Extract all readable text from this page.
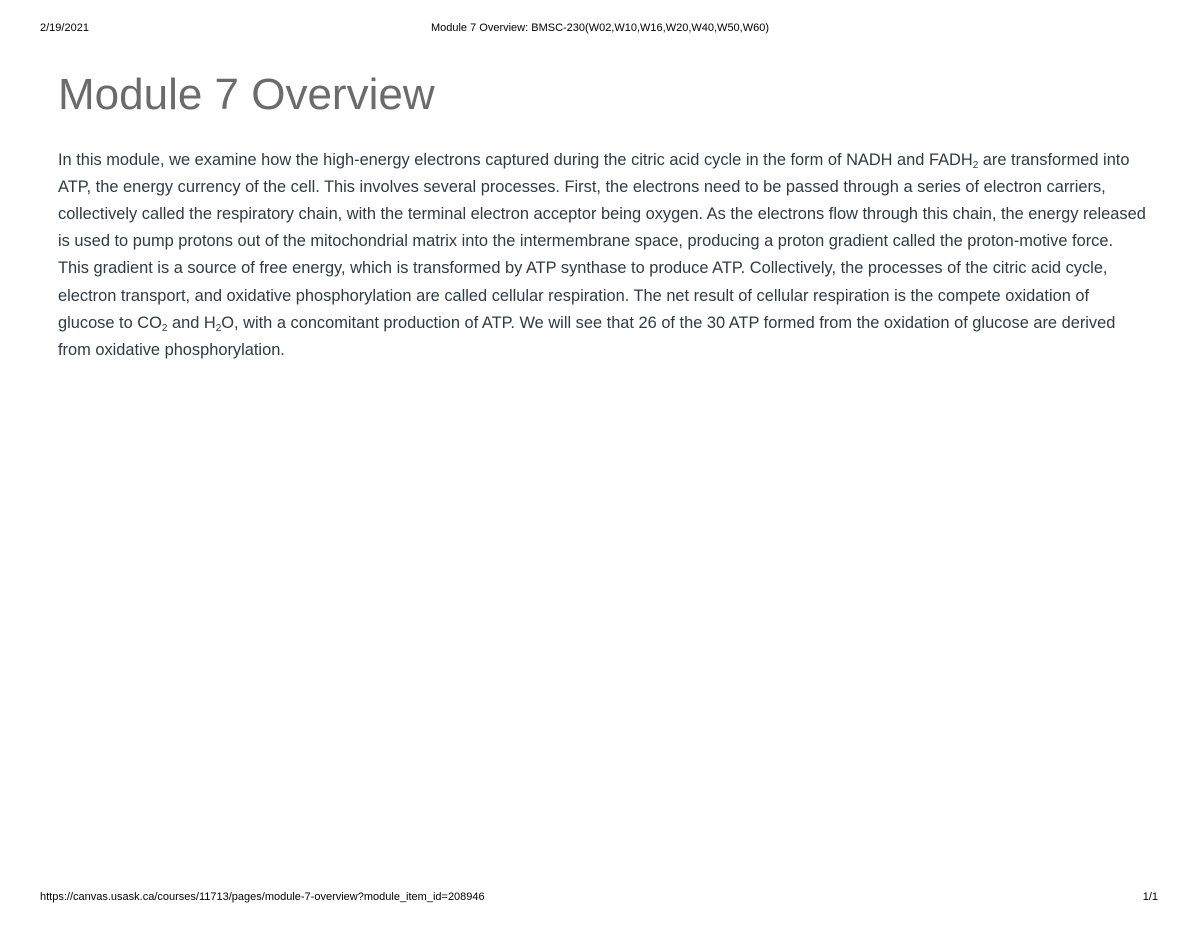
Module 7 Overview: BMSC-230(W02,W10,W16,W20,W40,W50,W60)
2/19/2021
Module 7 Overview

In this module, we examine how the high-energy electrons captured during the citric acid cycle in the form of NADH and $FADH_2$ are transformed into ATP, the energy currency of the cell. This involves several processes. First, the electrons need to be passed through a series of electron carriers, collectively called the respiratory chain, with the terminal electron acceptor being oxygen. As the electrons flow through this chain, the energy released is used to pump protons out of the mitochondrial matrix into the intermembrane space, producing a proton gradient called the proton-motive force. This gradient is a source of free energy, which is transformed by ATP synthase to produce ATP. Collectively, the processes of the citric acid cycle, electron transport, and oxidative phosphorylation are called cellular respiration. The net result of cellular respiration is the compete oxidation of glucose to $CO_2$ and $H_2O$, with a concomitant production of ATP. We will see that 26 of the 30 ATP formed from the oxidation of glucose are derived from oxidative phosphorylation.

https://canvas.usask.ca/courses/11713/pages/module-7-overview?module_item_id=208946	1/1
